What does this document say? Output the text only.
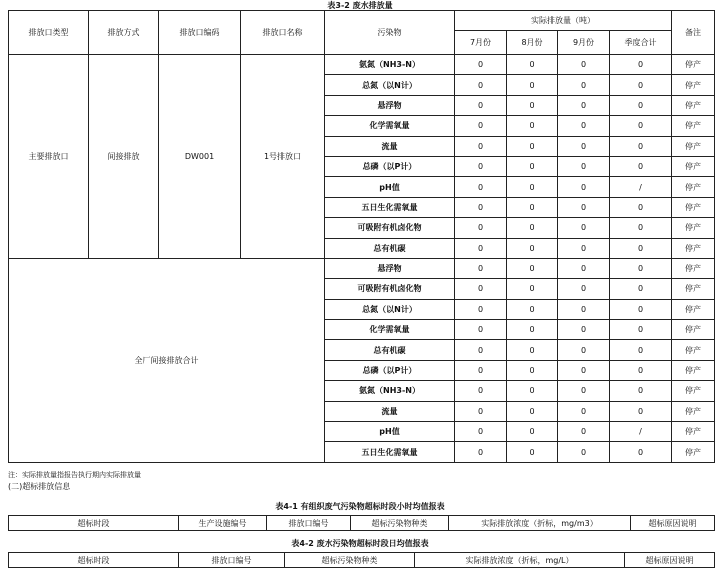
表3-2 废水排放量
排放口类型	排放方式	排放口编码	排放口名称	污染物	实际排放量（吨）				备注
					7月份	8月份	9月份	季度合计	
主要排放口	间接排放	DW001	1号排放口	氨氮（NH3-N）	0	0	0	0	停产
				总氮（以N计）	0	0	0	0	停产
				悬浮物	0	0	0	0	停产
				化学需氧量	0	0	0	0	停产
				流量	0	0	0	0	停产
				总磷（以P计）	0	0	0	0	停产
				pH值	0	0	0	/	停产
				五日生化需氧量	0	0	0	0	停产
				可吸附有机卤化物	0	0	0	0	停产
				总有机碳	0	0	0	0	停产
全厂间接排放合计				悬浮物	0	0	0	0	停产
				可吸附有机卤化物	0	0	0	0	停产
				总氮（以N计）	0	0	0	0	停产
				化学需氧量	0	0	0	0	停产
				总有机碳	0	0	0	0	停产
				总磷（以P计）	0	0	0	0	停产
				氨氮（NH3-N）	0	0	0	0	停产
				流量	0	0	0	0	停产
				pH值	0	0	0	/	停产
				五日生化需氧量	0	0	0	0	停产
注：实际排放量指报告执行期内实际排放量
(二)超标排放信息
表4-1 有组织废气污染物超标时段小时均值报表
超标时段	生产设施编号	排放口编号	超标污染物种类	实际排放浓度（折标，mg/m3）	超标原因说明
表4-2 废水污染物超标时段日均值报表
超标时段	排放口编号	超标污染物种类	实际排放浓度（折标，mg/L）	超标原因说明
